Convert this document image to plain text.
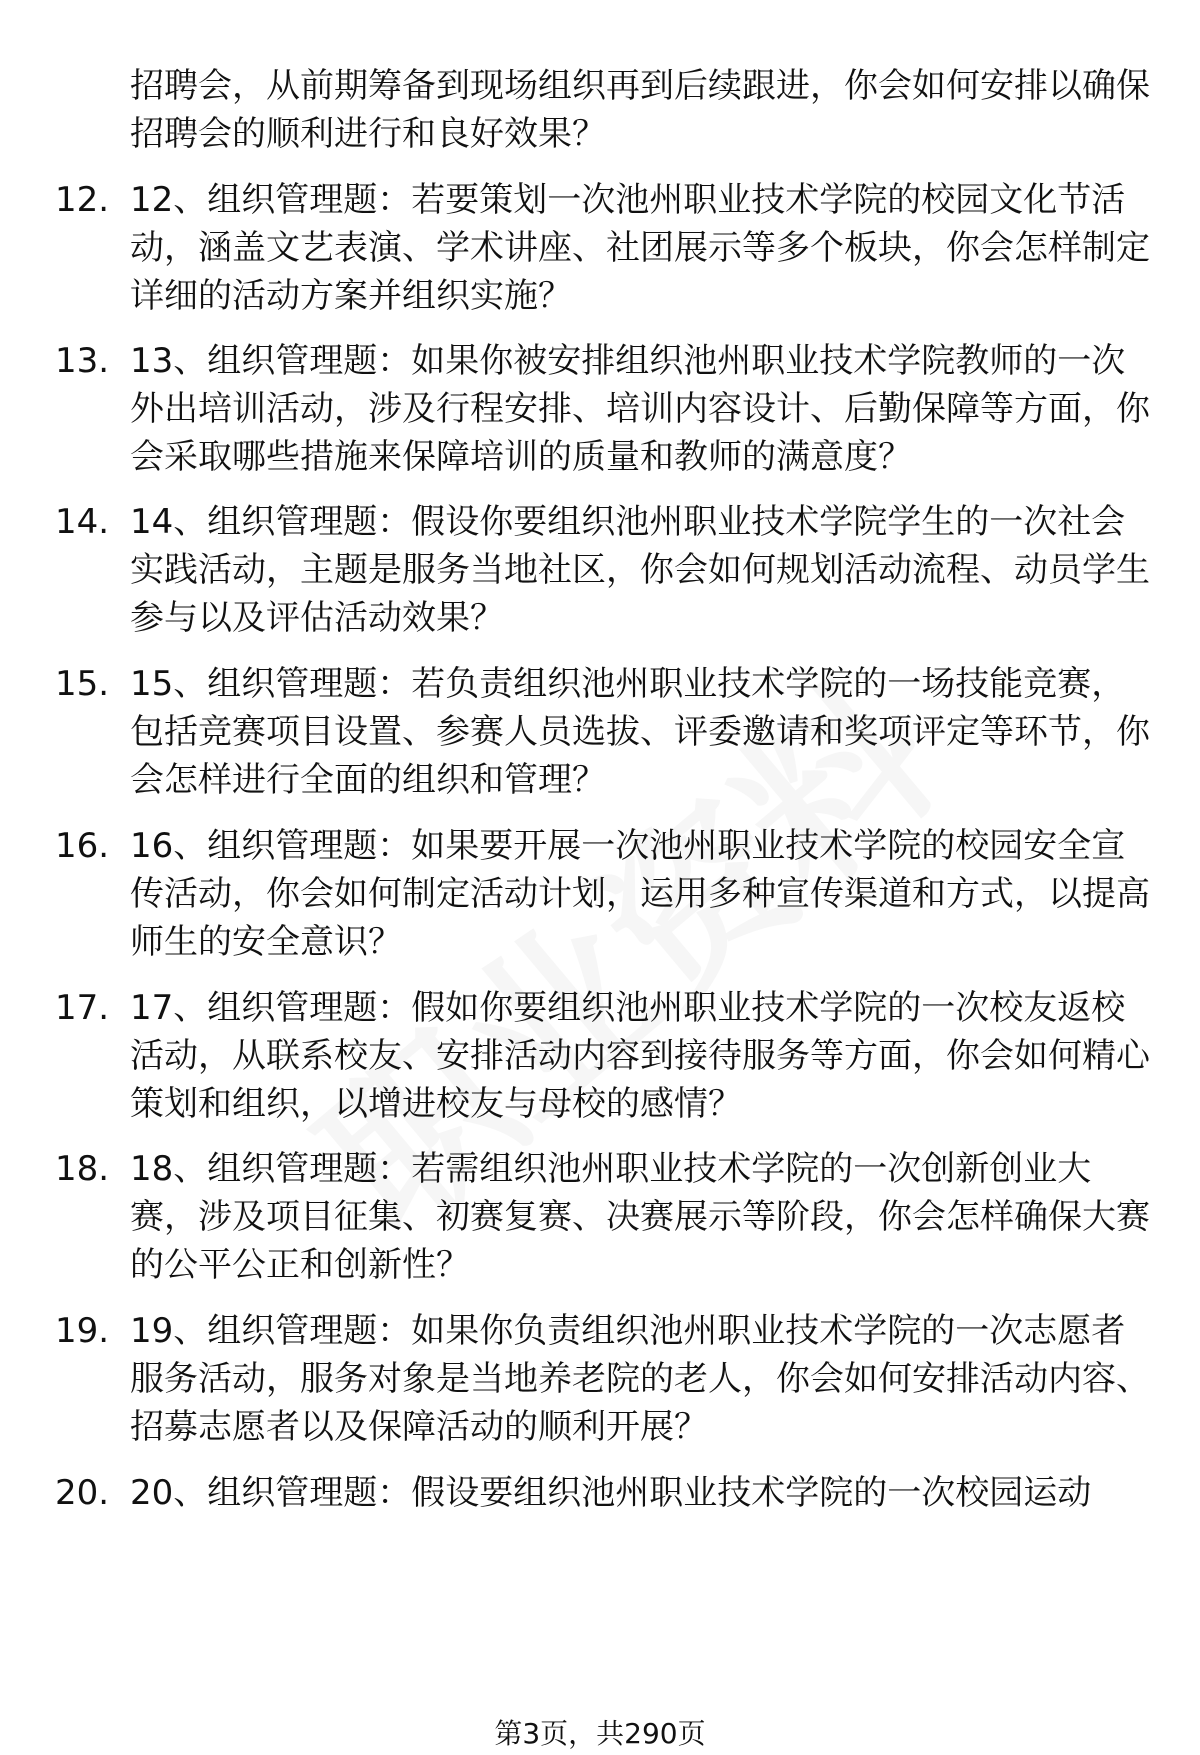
招聘会，从前期筹备到现场组织再到后续跟进，你会如何安排以确保招聘会的顺利进行和良好效果？
12. 12、组织管理题：若要策划一次池州职业技术学院的校园文化节活动，涵盖文艺表演、学术讲座、社团展示等多个板块，你会怎样制定详细的活动方案并组织实施？
13. 13、组织管理题：如果你被安排组织池州职业技术学院教师的一次外出培训活动，涉及行程安排、培训内容设计、后勤保障等方面，你会采取哪些措施来保障培训的质量和教师的满意度？
14. 14、组织管理题：假设你要组织池州职业技术学院学生的一次社会实践活动，主题是服务当地社区，你会如何规划活动流程、动员学生参与以及评估活动效果？
15. 15、组织管理题：若负责组织池州职业技术学院的一场技能竞赛，包括竞赛项目设置、参赛人员选拔、评委邀请和奖项评定等环节，你会怎样进行全面的组织和管理？
16. 16、组织管理题：如果要开展一次池州职业技术学院的校园安全宣传活动，你会如何制定活动计划，运用多种宣传渠道和方式，以提高师生的安全意识？
17. 17、组织管理题：假如你要组织池州职业技术学院的一次校友返校活动，从联系校友、安排活动内容到接待服务等方面，你会如何精心策划和组织，以增进校友与母校的感情？
18. 18、组织管理题：若需组织池州职业技术学院的一次创新创业大赛，涉及项目征集、初赛复赛、决赛展示等阶段，你会怎样确保大赛的公平公正和创新性？
19. 19、组织管理题：如果你负责组织池州职业技术学院的一次志愿者服务活动，服务对象是当地养老院的老人，你会如何安排活动内容、招募志愿者以及保障活动的顺利开展？
20. 20、组织管理题：假设要组织池州职业技术学院的一次校园运动
第3页，共290页
